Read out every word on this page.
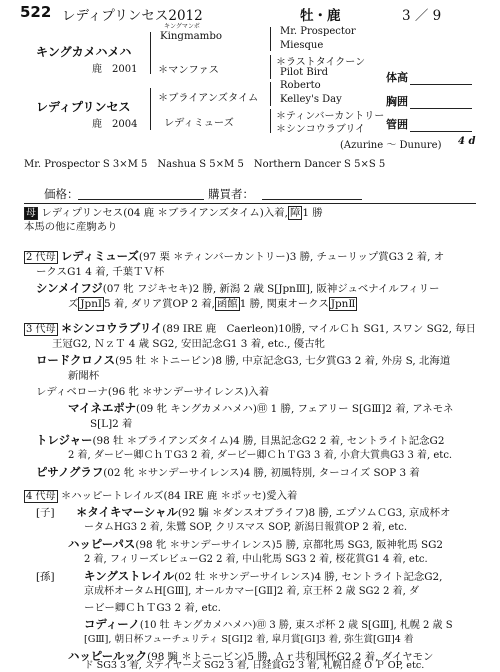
522 レディプリンセス2012	牡・鹿	3 ／ 9
キングカメハメハ
鹿　2001
レディプリンセス
鹿　2004
キングマンボ
Kingmambo
＊マンファス
＊ブライアンズタイム
レディミューズ
Mr. Prospector
Miesque
＊ラストタイクーン
Pilot Bird
Roberto
Kelley's Day
＊ティンバーカントリー
＊シンコウラブリイ
(Azurine ～ Dunure) 4 d
体高
胸囲
管囲
Mr. Prospector S 3×M 5　Nashua S 5×M 5　Northern Dancer S 5×S 5
価格：	購買者：
母 レディプリンセス(04 鹿 ＊ブライアンズタイム)入着, 障 1 勝
本馬の他に産駒あり
2 代母 レディミューズ(97 栗 ＊ティンバーカントリー)3 勝, チューリップ賞G3 2 着, オ
ークスG1 4 着, 千葉ＴＶ杯
シンメイフジ(07 牝 フジキセキ)2 勝, 新潟 2 歳 S[JpnⅢ], 阪神ジュベナイルフィリー
ズ JpnⅠ 5 着, ダリア賞OP 2 着, 函館 1 勝, 関東オークス JpnⅡ
3 代母 ＊シンコウラブリイ(89 IRE 鹿　Caerleon)10勝, マイルＣｈ SG1, スワン SG2, 毎日
王冠G2, ＮｚＴ 4 歳 SG2, 安田記念G1 3 着, etc., 優古牝
ロードクロノス(95 牡 ＊トニービン)8 勝, 中京記念G3, 七夕賞G3 2 着, 外房 S, 北海道
新聞杯
レディベローナ(96 牝 ＊サンデーサイレンス)入着
マイネエポナ(09 牝 キングカメハメハ)㊞ 1 勝, フェアリー S[GⅢ]2 着, アネモネ
S[L]2 着
トレジャー(98 牡 ＊ブライアンズタイム)4 勝, 目黒記念G2 2 着, セントライト記念G2
2 着, ダービー卿ＣｈＴG3 2 着, ダービー卿ＣｈＴG3 3 着, 小倉大賞典G3 3 着, etc.
ピサノグラフ(02 牝 ＊サンデーサイレンス)4 勝, 初風特別, ターコイズ SOP 3 着
4 代母 ＊ハッピートレイルズ(84 IRE 鹿 ＊ポッセ)愛入着
[子] ＊タイキマーシャル(92 騸 ＊ダンスオブライフ)8 勝, エプソムＣG3, 京成杯オ
ータムHG3 2 着, 朱鷺 SOP, クリスマス SOP, 新潟日報賞OP 2 着, etc.
ハッピーパス(98 牝 ＊サンデーサイレンス)5 勝, 京都牝馬 SG3, 阪神牝馬 SG2
2 着, フィリーズレビューG2 2 着, 中山牝馬 SG3 2 着, 桜花賞G1 4 着, etc.
[孫]	キングストレイル(02 牡 ＊サンデーサイレンス)4 勝, セントライト記念G2,
京成杯オータムH[GⅢ], オールカマー[GⅡ]2 着, 京王杯 2 歳 SG2 2 着, ダ
ービー卿ＣｈＴG3 2 着, etc.
コディーノ(10 牡 キングカメハメハ)㊞ 3 勝, 東スポ杯 2 歳 S[GⅢ], 札幌 2 歳 S
[GⅢ], 朝日杯フューチュリティ S[GⅠ]2 着, 皐月賞[GⅠ]3 着, 弥生賞[GⅡ]4 着
ハッピールック(98 騸 ＊トニービン)5 勝, Ａｒ共和国杯G2 2 着, ダイヤモン
ド SG3 3 着, ステイヤーズ SG2 3 着, 日経賞G2 3 着, 札幌日経 O Ｐ OP, etc.
